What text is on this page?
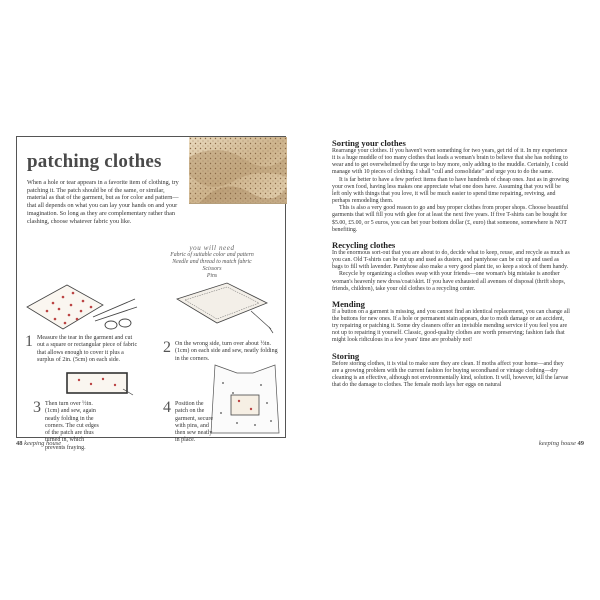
patching clothes
When a hole or tear appears in a favorite item of clothing, try patching it. The patch should be of the same, or similar, material as that of the garment, but as for color and pattern—that all depends on what you can lay your hands on and your imagination. So long as they are complementary rather than clashing, choose whatever fabric you like.
you will need
Fabric of suitable color and pattern
Needle and thread to match fabric
Scissors
Pins
1 Measure the tear in the garment and cut out a square or rectangular piece of fabric that allows enough to cover it plus a surplus of 2in. (5cm) on each side.
2 On the wrong side, turn over about ½in. (1cm) on each side and sew, neatly folding in the corners.
3 Then turn over ½in. (1cm) and sew, again neatly folding in the corners. The cut edges of the patch are thus turned in, which prevents fraying.
4 Position the patch on the garment, secure with pins, and then sew neatly in place.
48 keeping house

Sorting your clothes

Rearrange your clothes. If you haven't worn something for two years, get rid of it. In my experience it is a huge muddle of too many clothes that leads a woman's brain to believe that she has nothing to wear and to get overwhelmed by the urge to buy more, only adding to the muddle. Certainly, I could manage with 10 pieces of clothing. I shall "cull and consolidate" and urge you to do the same.

It is far better to have a few perfect items than to have hundreds of cheap ones. Just as in growing your own food, having less makes one appreciate what one does have. Assuming that you will be left only with things that you love, it will be much easier to spend time repairing, reviving, and perhaps remodeling them.

This is also a very good reason to go and buy proper clothes from proper shops. Choose beautiful garments that will fill you with glee for at least the next five years. If five T-shirts can be bought for $5.00, £5.00, or 5 euros, you can bet your bottom dollar (£, euro) that someone, somewhere is NOT benefiting.

Recycling clothes

In the enormous sort-out that you are about to do, decide what to keep, reuse, and recycle as much as you can. Old T-shirts can be cut up and used as dusters, and pantyhose can be cut up and used as bags to fill with lavender. Pantyhose also make a very good plant tie, so keep a stock of them handy.

Recycle by organizing a clothes swap with your friends—one woman's big mistake is another woman's heavenly new dress/coat/skirt. If you have exhausted all avenues of disposal (thrift shops, friends, children), take your old clothes to a recycling center.

Mending

If a button on a garment is missing, and you cannot find an identical replacement, you can change all the buttons for new ones. If a hole or permanent stain appears, due to moth damage or an accident, try repairing or patching it. Some dry cleaners offer an invisible mending service if you feel you are not up to repairing it yourself. Classic, good-quality clothes are worth preserving; fashion fads that might look ridiculous in a few years' time are probably not!

Storing

Before storing clothes, it is vital to make sure they are clean. If moths affect your home—and they are a growing problem with the current fashion for buying secondhand or vintage clothing—dry cleaning is an effective, although not environmentally kind, solution. It will, however, kill the larvae that do the damage to clothes. The female moth lays her eggs on natural

keeping house 49
